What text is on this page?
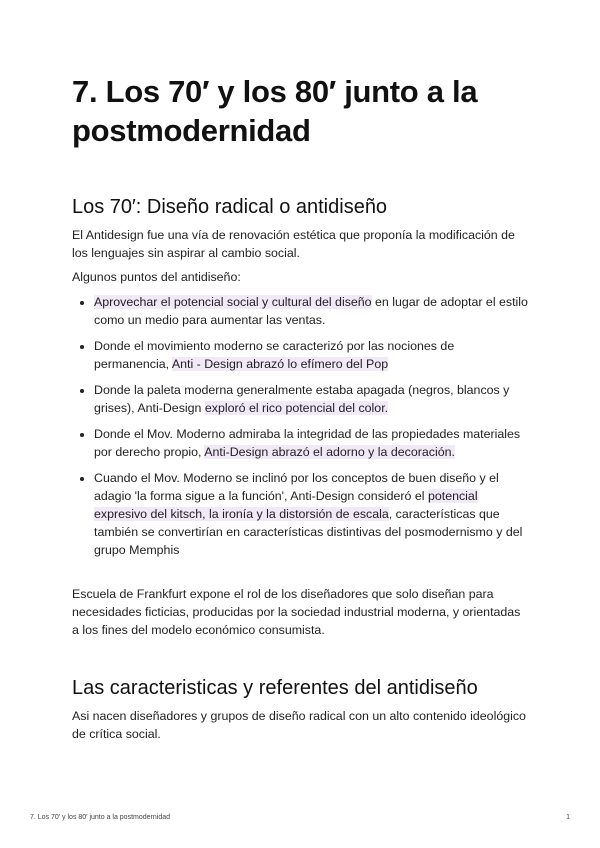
7. Los 70′ y los 80′ junto a la postmodernidad
Los 70′: Diseño radical o antidiseño

El Antidesign fue una vía de renovación estética que proponía la modificación de los lenguajes sin aspirar al cambio social.

Algunos puntos del antidiseño:

• Aprovechar el potencial social y cultural del diseño en lugar de adoptar el estilo como un medio para aumentar las ventas.
• Donde el movimiento moderno se caracterizó por las nociones de permanencia, Anti - Design abrazó lo efímero del Pop
• Donde la paleta moderna generalmente estaba apagada (negros, blancos y grises), Anti-Design exploró el rico potencial del color.
• Donde el Mov. Moderno admiraba la integridad de las propiedades materiales por derecho propio, Anti-Design abrazó el adorno y la decoración.
• Cuando el Mov. Moderno se inclinó por los conceptos de buen diseño y el adagio 'la forma sigue a la función', Anti-Design consideró el potencial expresivo del kitsch, la ironía y la distorsión de escala, características que también se convertirían en características distintivas del posmodernismo y del grupo Memphis

Escuela de Frankfurt expone el rol de los diseñadores que solo diseñan para necesidades ficticias, producidas por la sociedad industrial moderna, y orientadas a los fines del modelo económico consumista.

Las caracteristicas y referentes del antidiseño

Asi nacen diseñadores y grupos de diseño radical con un alto contenido ideológico de crítica social.

7. Los 70′ y los 80′ junto a la postmodernidad	1
